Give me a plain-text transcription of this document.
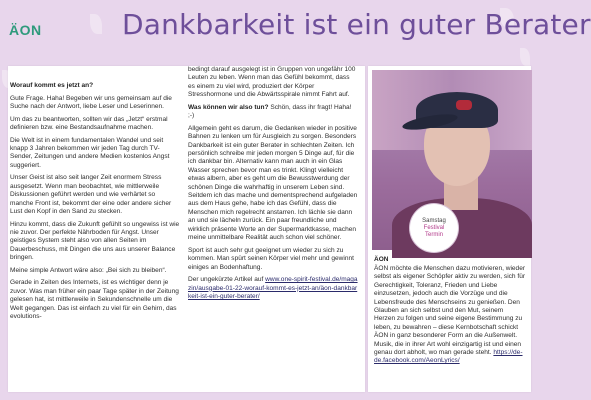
ÄON	Dankbarkeit ist ein guter Berater

Worauf kommt es jetzt an?

Gute Frage. Haha! Begeben wir uns gemeinsam auf die Suche nach der Antwort, liebe Leser und Leserinnen.

Um das zu beantworten, sollten wir das „Jetzt“ erstmal definieren bzw. eine Bestandsaufnahme machen.

Die Welt ist in einem fundamentalen Wandel und seit knapp 3 Jahren bekommen wir jeden Tag durch TV-Sender, Zeitungen und andere Medien kostenlos Angst suggeriert.

Unser Geist ist also seit langer Zeit enormem Stress ausgesetzt. Wenn man beobachtet, wie mittlerweile Diskussionen geführt werden und wie verhärtet so manche Front ist, bekommt der eine oder andere sicher Lust den Kopf in den Sand zu stecken.

Hinzu kommt, dass die Zukunft gefühlt so ungewiss ist wie nie zuvor. Der perfekte Nährboden für Angst. Unser geistiges System steht also von allen Seiten im Dauerbeschuss, mit Dingen die uns aus unserer Balance bringen.

Meine simple Antwort wäre also: „Bei sich zu bleiben“.

Gerade in Zeiten des Internets, ist es wichtiger denn je zuvor. Was man früher ein paar Tage später in der Zeitung gelesen hat, ist mittlerweile in Sekundenschnelle um die Welt gegangen. Das ist einfach zu viel für ein Gehirn, das evolutions-

bedingt darauf ausgelegt ist in Gruppen von ungefähr 100 Leuten zu leben. Wenn man das Gefühl bekommt, dass es einem zu viel wird, produziert der Körper Stresshormone und die Abwärtsspirale nimmt Fahrt auf.

Was können wir also tun? Schön, dass ihr fragt! Haha! ;-)

Allgemein geht es darum, die Gedanken wieder in positive Bahnen zu lenken um für Ausgleich zu sorgen. Besonders Dankbarkeit ist ein guter Berater in schlechten Zeiten. Ich persönlich schreibe mir jeden morgen 5 Dinge auf, für die ich dankbar bin. Alternativ kann man auch in ein Glas Wasser sprechen bevor man es trinkt. Klingt vielleicht etwas albern, aber es geht um die Bewusstwerdung der schönen Dinge die wahrhaftig in unserem Leben sind. Seitdem ich das mache und dementsprechend aufgeladen aus dem Haus gehe, habe ich das Gefühl, dass die Menschen mich regelrecht anstarren. Ich lächle sie dann an und sie lächeln zurück. Ein paar freundliche und wirklich präsente Worte an der Supermarktkasse, machen meine unmittelbare Realität auch schon viel schöner.

Sport ist auch sehr gut geeignet um wieder zu sich zu kommen. Man spürt seinen Körper viel mehr und gewinnt einiges an Bodenhaftung.

Der ungekürzte Artikel auf www.one-spirit-festival.de/magazin/ausgabe-01-22-worauf-kommt-es-jetzt-an/äon-dankbarkeit-ist-ein-guter-berater/

Samstag
Festival
Termin
ÄON

ÄON möchte die Menschen dazu motivieren, wieder selbst als eigener Schöpfer aktiv zu werden, sich für Gerechtigkeit, Toleranz, Frieden und Liebe einzusetzen, jedoch auch die Vorzüge und die Lebensfreude des Menschseins zu genießen. Den Glauben an sich selbst und den Mut, seinem Herzen zu folgen und seine eigene Bestimmung zu leben, zu bewahren – diese Kernbotschaft schickt ÄON in ganz besonderer Form an die Außenwelt. Musik, die in ihrer Art wohl einzigartig ist und einen genau dort abholt, wo man gerade steht. https://de-de.facebook.com/AeonLyrics/

12
